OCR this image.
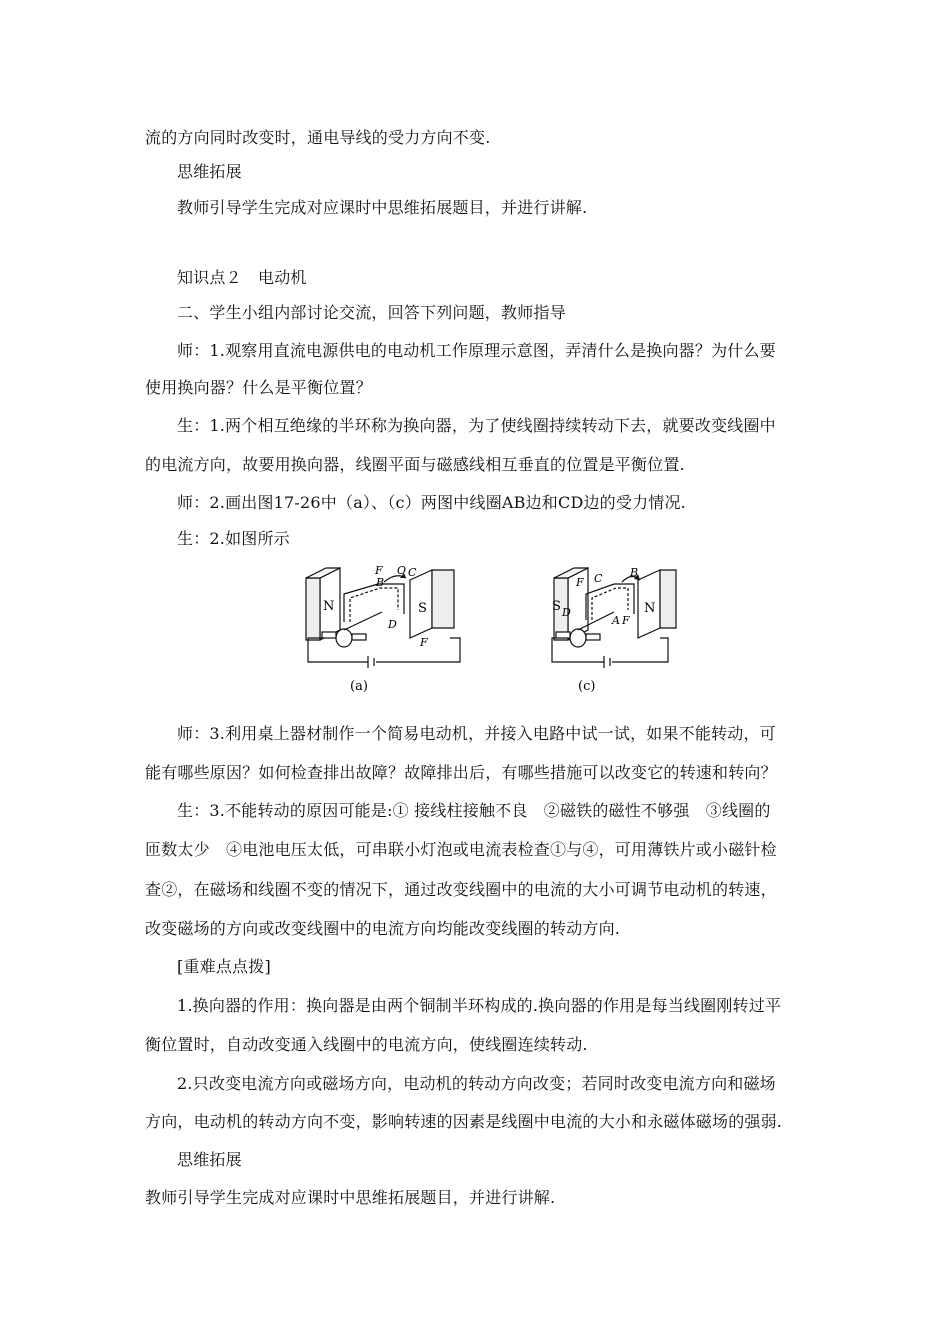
流的方向同时改变时，通电导线的受力方向不变.
思维拓展
教师引导学生完成对应课时中思维拓展题目，并进行讲解.
知识点２　电动机
二、学生小组内部讨论交流，回答下列问题，教师指导
师：1.观察用直流电源供电的电动机工作原理示意图，弄清什么是换向器？为什么要
使用换向器？什么是平衡位置？
生：1.两个相互绝缘的半环称为换向器，为了使线圈持续转动下去，就要改变线圈中
的电流方向，故要用换向器，线圈平面与磁感线相互垂直的位置是平衡位置.
师：2.画出图17-26中（a）、（c）两图中线圈AB边和CD边的受力情况.
生：2.如图所示
N	S
F
B
O C
D
F
(a)
S	N
F C	B
D
A F
(c)
师：3.利用桌上器材制作一个简易电动机，并接入电路中试一试，如果不能转动，可
能有哪些原因？如何检查排出故障？故障排出后，有哪些措施可以改变它的转速和转向？
生：3.不能转动的原因可能是:① 接线柱接触不良　②磁铁的磁性不够强　③线圈的
匝数太少　④电池电压太低，可串联小灯泡或电流表检查①与④，可用薄铁片或小磁针检
查②，在磁场和线圈不变的情况下，通过改变线圈中的电流的大小可调节电动机的转速，
改变磁场的方向或改变线圈中的电流方向均能改变线圈的转动方向.
[重难点点拨]
1.换向器的作用：换向器是由两个铜制半环构成的.换向器的作用是每当线圈刚转过平
衡位置时，自动改变通入线圈中的电流方向，使线圈连续转动.
2.只改变电流方向或磁场方向，电动机的转动方向改变；若同时改变电流方向和磁场
方向，电动机的转动方向不变，影响转速的因素是线圈中电流的大小和永磁体磁场的强弱.
思维拓展
教师引导学生完成对应课时中思维拓展题目，并进行讲解.
